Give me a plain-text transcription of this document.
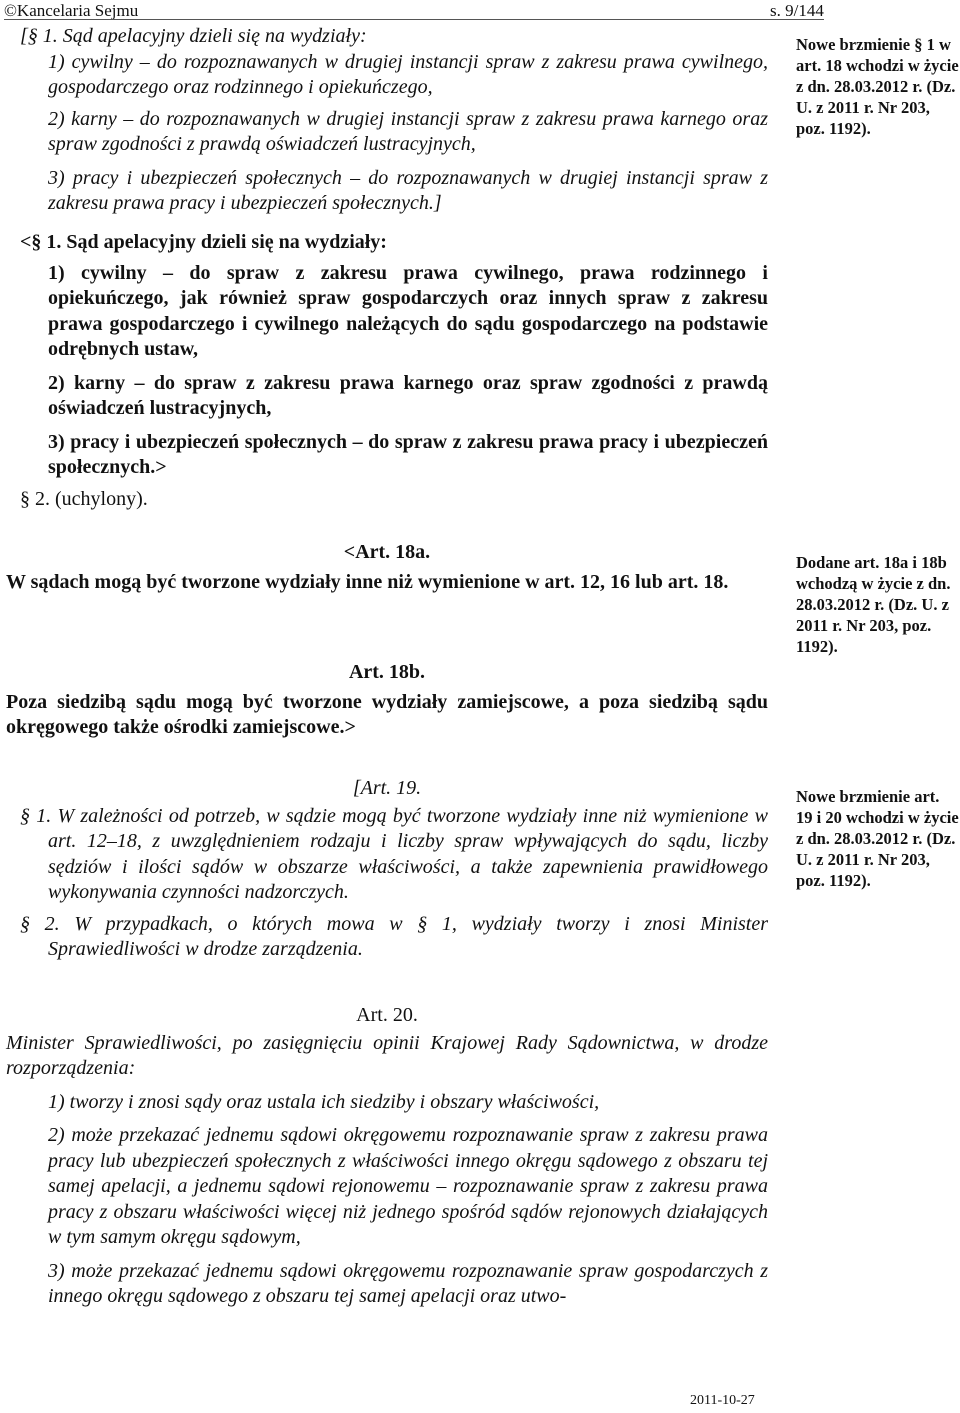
©Kancelaria Sejmu	s. 9/144

[§ 1. Sąd apelacyjny dzieli się na wydziały:

1) cywilny – do rozpoznawanych w drugiej instancji spraw z zakresu prawa cywilnego, gospodarczego oraz rodzinnego i opiekuńczego,

2) karny – do rozpoznawanych w drugiej instancji spraw z zakresu prawa karnego oraz spraw zgodności z prawdą oświadczeń lustracyjnych,

3) pracy i ubezpieczeń społecznych – do rozpoznawanych w drugiej instancji spraw z zakresu prawa pracy i ubezpieczeń społecznych.]

<§ 1. Sąd apelacyjny dzieli się na wydziały:

1) cywilny – do spraw z zakresu prawa cywilnego, prawa rodzinnego i opiekuńczego, jak również spraw gospodarczych oraz innych spraw z zakresu prawa gospodarczego i cywilnego należących do sądu gospodarczego na podstawie odrębnych ustaw,

2) karny – do spraw z zakresu prawa karnego oraz spraw zgodności z prawdą oświadczeń lustracyjnych,

3) pracy i ubezpieczeń społecznych – do spraw z zakresu prawa pracy i ubezpieczeń społecznych.>

§ 2. (uchylony).

Nowe brzmienie § 1 w art. 18 wchodzi w życie z dn. 28.03.2012 r. (Dz. U. z 2011 r. Nr 203, poz. 1192).

<Art. 18a.

W sądach mogą być tworzone wydziały inne niż wymienione w art. 12, 16 lub art. 18.

Art. 18b.

Poza siedzibą sądu mogą być tworzone wydziały zamiejscowe, a poza siedzibą sądu okręgowego także ośrodki zamiejscowe.>

Dodane art. 18a i 18b wchodzą w życie z dn. 28.03.2012 r. (Dz. U. z 2011 r. Nr 203, poz. 1192).

[Art. 19.

§ 1. W zależności od potrzeb, w sądzie mogą być tworzone wydziały inne niż wymienione w art. 12–18, z uwzględnieniem rodzaju i liczby spraw wpływających do sądu, liczby sędziów i ilości sądów w obszarze właściwości, a także zapewnienia prawidłowego wykonywania czynności nadzorczych.

§ 2. W przypadkach, o których mowa w § 1, wydziały tworzy i znosi Minister Sprawiedliwości w drodze zarządzenia.

Nowe brzmienie art. 19 i 20 wchodzi w życie z dn. 28.03.2012 r. (Dz. U. z 2011 r. Nr 203, poz. 1192).

Art. 20.

Minister Sprawiedliwości, po zasięgnięciu opinii Krajowej Rady Sądownictwa, w drodze rozporządzenia:

1) tworzy i znosi sądy oraz ustala ich siedziby i obszary właściwości,

2) może przekazać jednemu sądowi okręgowemu rozpoznawanie spraw z zakresu prawa pracy lub ubezpieczeń społecznych z właściwości innego okręgu sądowego z obszaru tej samej apelacji, a jednemu sądowi rejonowemu – rozpoznawanie spraw z zakresu prawa pracy z obszaru właściwości więcej niż jednego spośród sądów rejonowych działających w tym samym okręgu sądowym,

3) może przekazać jednemu sądowi okręgowemu rozpoznawanie spraw gospodarczych z innego okręgu sądowego z obszaru tej samej apelacji oraz utwo-

2011-10-27
